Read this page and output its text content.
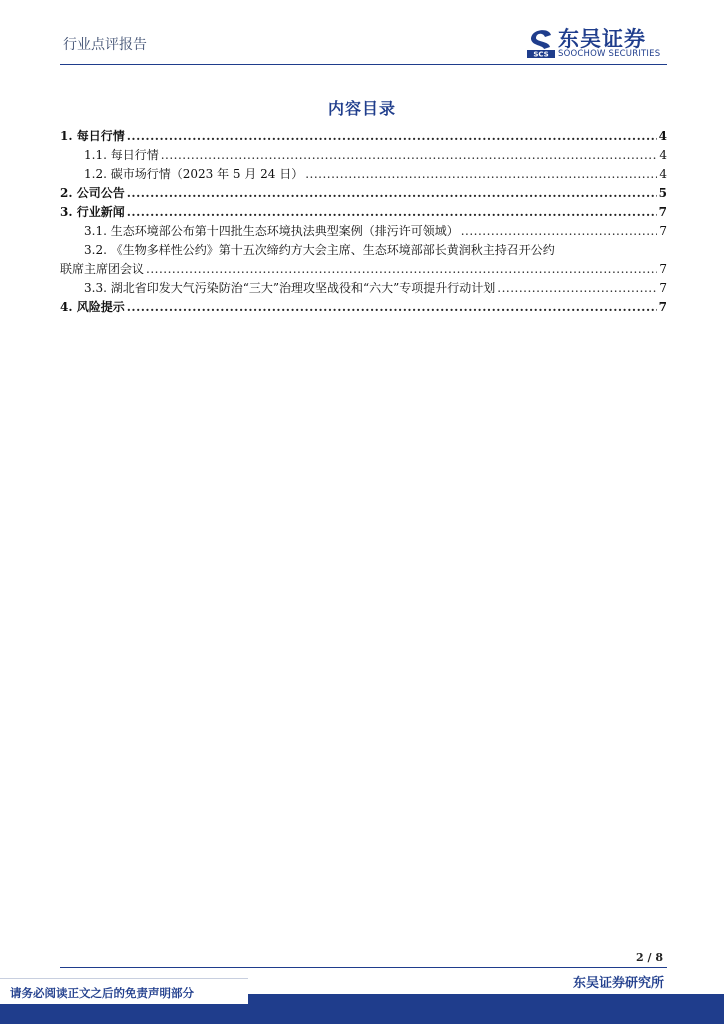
行业点评报告
SCS
东吴证券
SOOCHOW SECURITIES
内容目录
1. 每日行情 .....	4
1.1. 每日行情 .....	4
1.2. 碳市场行情（2023 年 5 月 24 日） .....	4
2. 公司公告 .....	5
3. 行业新闻 .....	7
3.1. 生态环境部公布第十四批生态环境执法典型案例（排污许可领域） .....	7
3.2. 《生物多样性公约》第十五次缔约方大会主席、生态环境部部长黄润秋主持召开公约
联席主席团会议 .....	7
3.3. 湖北省印发大气污染防治“三大”治理攻坚战役和“六大”专项提升行动计划 .....	7
4. 风险提示 .....	7
2 / 8
东吴证券研究所
请务必阅读正文之后的免责声明部分
